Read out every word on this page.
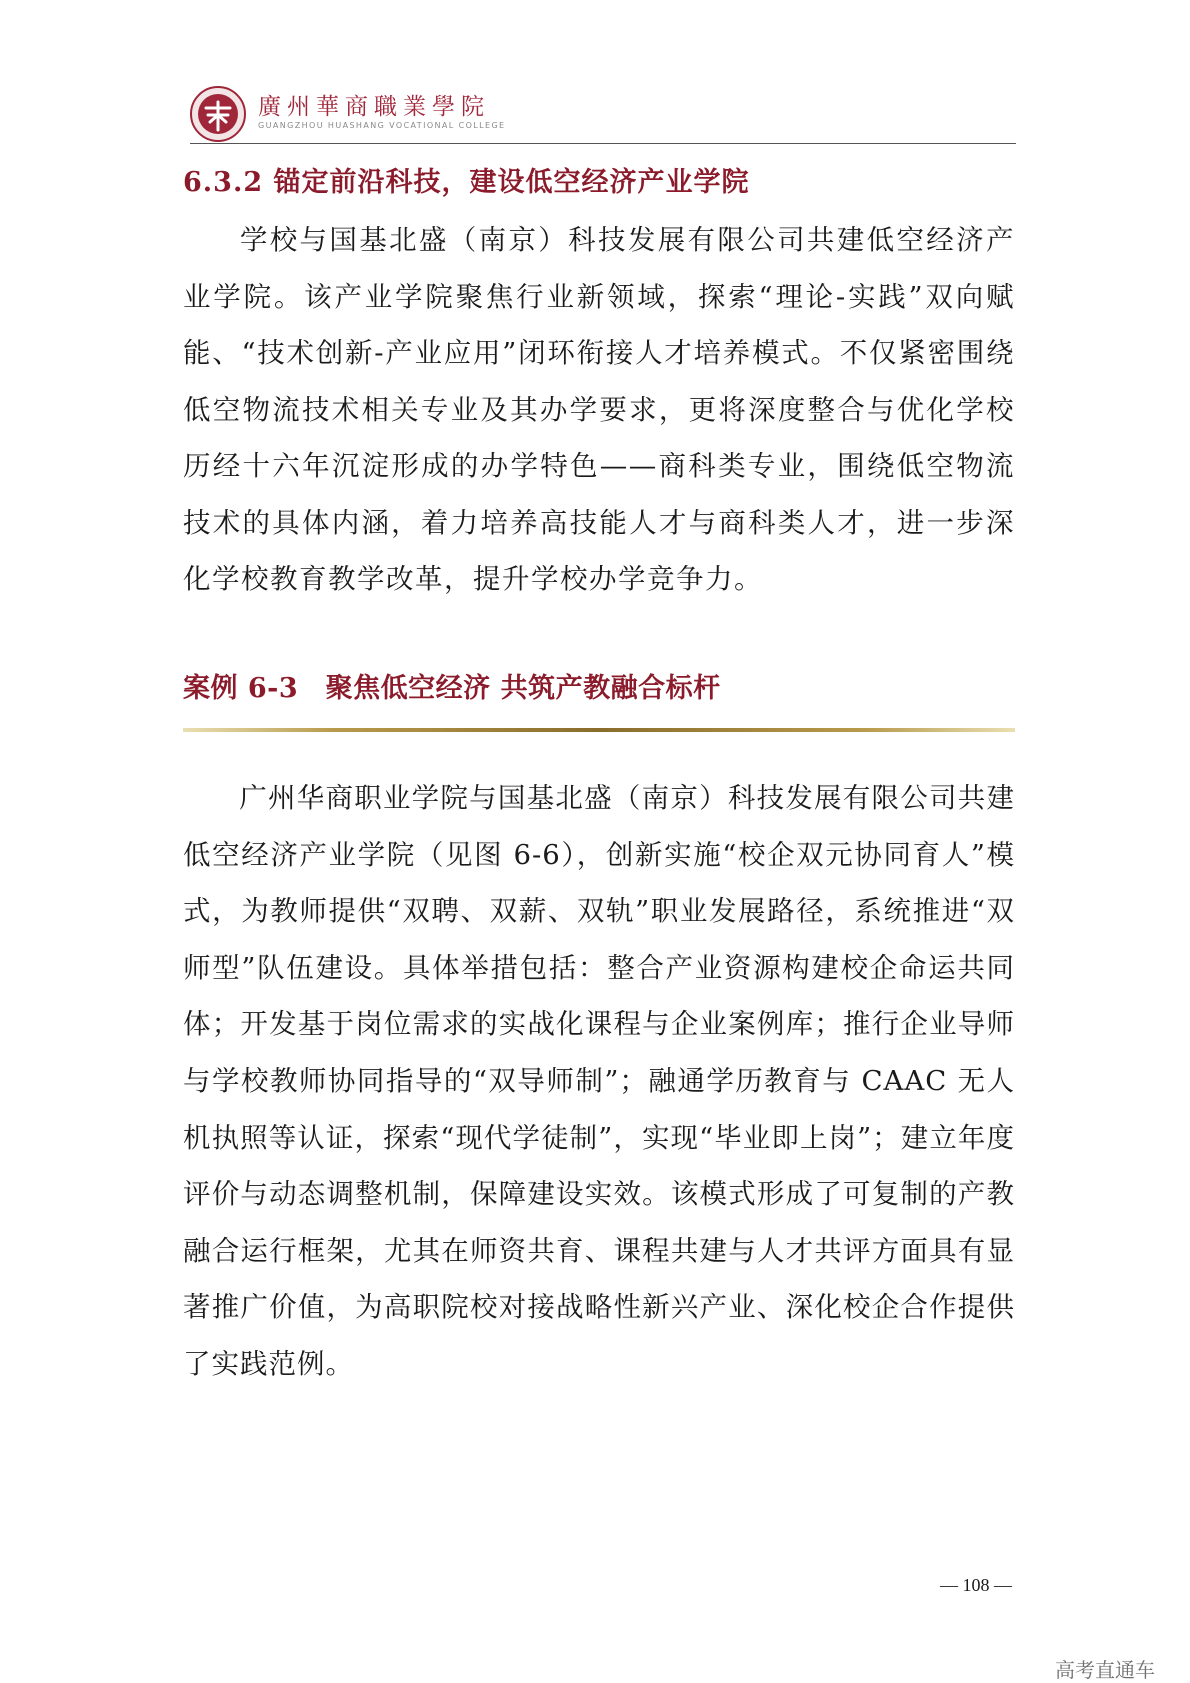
廣州華商職業學院
GUANGZHOU HUASHANG VOCATIONAL COLLEGE
6.3.2 锚定前沿科技，建设低空经济产业学院
学校与国基北盛（南京）科技发展有限公司共建低空经济产业学院。该产业学院聚焦行业新领域，探索“理论-实践”双向赋能、“技术创新-产业应用”闭环衔接人才培养模式。不仅紧密围绕低空物流技术相关专业及其办学要求，更将深度整合与优化学校历经十六年沉淀形成的办学特色——商科类专业，围绕低空物流技术的具体内涵，着力培养高技能人才与商科类人才，进一步深化学校教育教学改革，提升学校办学竞争力。
案例 6-3　聚焦低空经济 共筑产教融合标杆
广州华商职业学院与国基北盛（南京）科技发展有限公司共建低空经济产业学院（见图 6-6），创新实施“校企双元协同育人”模式，为教师提供“双聘、双薪、双轨”职业发展路径，系统推进“双师型”队伍建设。具体举措包括：整合产业资源构建校企命运共同体；开发基于岗位需求的实战化课程与企业案例库；推行企业导师与学校教师协同指导的“双导师制”；融通学历教育与 CAAC 无人机执照等认证，探索“现代学徒制”，实现“毕业即上岗”；建立年度评价与动态调整机制，保障建设实效。该模式形成了可复制的产教融合运行框架，尤其在师资共育、课程共建与人才共评方面具有显著推广价值，为高职院校对接战略性新兴产业、深化校企合作提供了实践范例。
— 108 —
高考直通车
